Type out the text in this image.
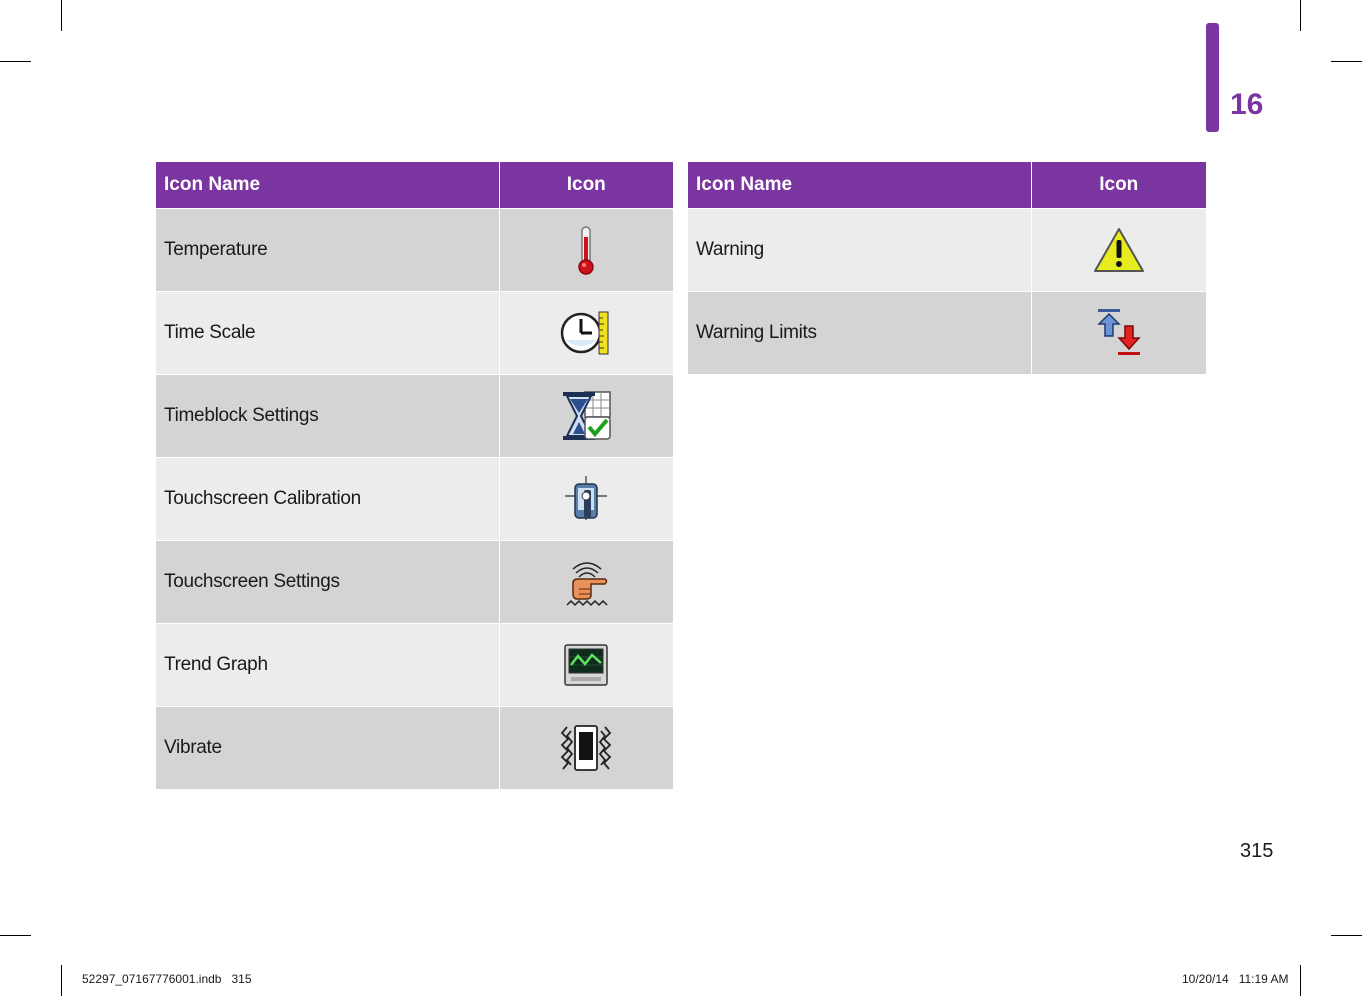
16
Icon Name	Icon
Temperature	

Time Scale	

Timeblock Settings	

Touchscreen Calibration	

Touchscreen Settings	

Trend Graph	

Vibrate	
Icon Name	Icon
Warning	

Warning Limits	
315
52297_07167776001.indb   315	10/20/14   11:19 AM
